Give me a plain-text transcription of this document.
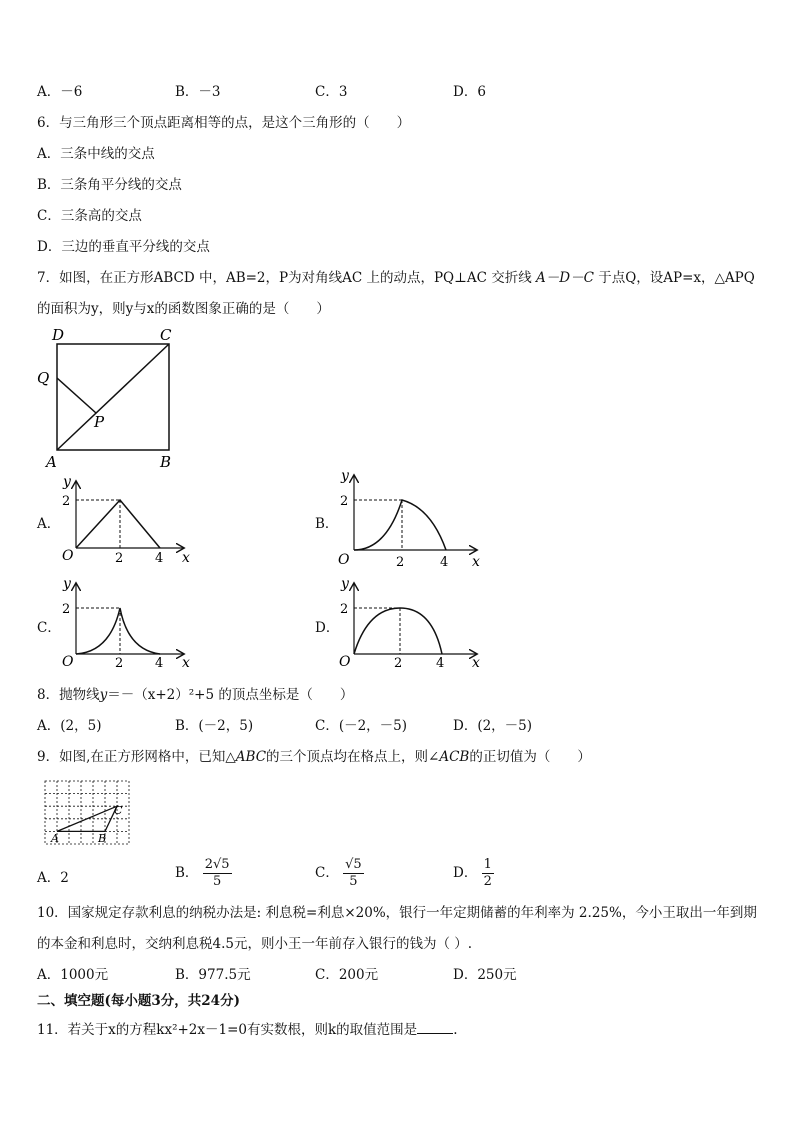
A．－6	B．－3	C．3	D．6
6．与三角形三个顶点距离相等的点，是这个三角形的（　　）
A．三条中线的交点
B．三条角平分线的交点
C．三条高的交点
D．三边的垂直平分线的交点
7．如图，在正方形ABCD 中，AB=2，P为对角线AC 上的动点，PQ⊥AC 交折线 A－D－C 于点Q，设AP=x，△APQ
的面积为y，则y与x的函数图象正确的是（　　）
D	C
Q
P
A	B
A．	B．
C．	D．
y
2
O	2 4 x
y
2
O	2	4 x
y
2
O	2 4 x
y
2
O	2	4 x
8．抛物线y＝－（x+2）²+5 的顶点坐标是（　　）
A．(2，5)	B．(－2，5)	C．(－2，－5)	D．(2，－5)
9．如图,在正方形网格中，已知△ABC的三个顶点均在格点上，则∠ACB的正切值为（　　）
A	B
C
A．2	B． $\frac{2√5}{5}$	C． $\frac{√5}{5}$	D． $\frac{1}{2}$
10．国家规定存款利息的纳税办法是: 利息税=利息×20%，银行一年定期储蓄的年利率为 2.25%，今小王取出一年到期
的本金和利息时，交纳利息税4.5元，则小王一年前存入银行的钱为（ ）.
A．1000元	B．977.5元	C．200元	D．250元
二、填空题(每小题3分，共24分)
11．若关于x的方程kx²+2x－1=0有实数根，则k的取值范围是	.
